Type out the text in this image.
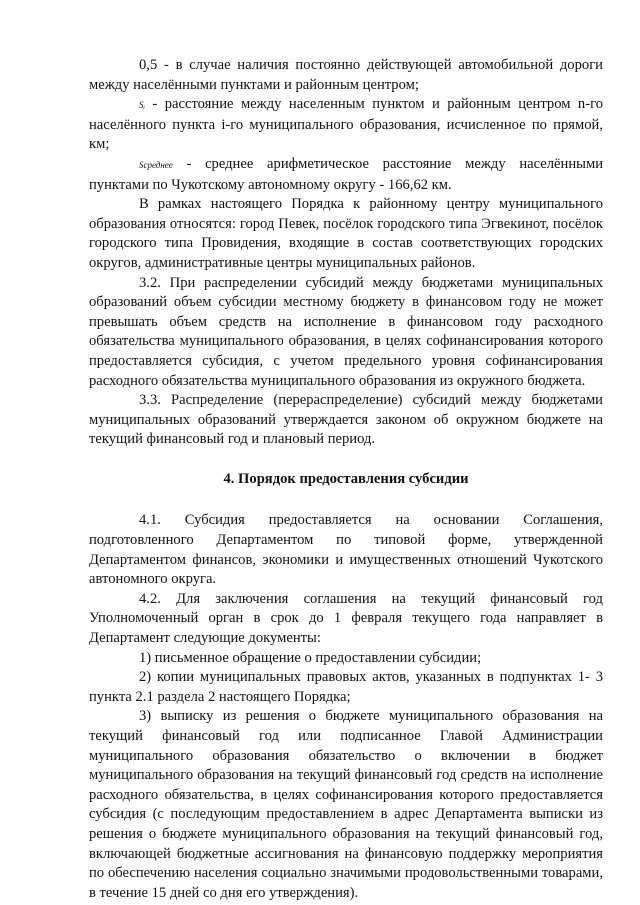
0,5 - в случае наличия постоянно действующей автомобильной дороги между населёнными пунктами и районным центром;

Sᵢ - расстояние между населенным пунктом и районным центром n-го населённого пункта i-го муниципального образования, исчисленное по прямой, км;

Sсреднее - среднее арифметическое расстояние между населёнными пунктами по Чукотскому автономному округу - 166,62 км.

В рамках настоящего Порядка к районному центру муниципального образования относятся: город Певек, посёлок городского типа Эгвекинот, посёлок городского типа Провидения, входящие в состав соответствующих городских округов, административные центры муниципальных районов.

3.2. При распределении субсидий между бюджетами муниципальных образований объем субсидии местному бюджету в финансовом году не может превышать объем средств на исполнение в финансовом году расходного обязательства муниципального образования, в целях софинансирования которого предоставляется субсидия, с учетом предельного уровня софинансирования расходного обязательства муниципального образования из окружного бюджета.

3.3. Распределение (перераспределение) субсидий между бюджетами муниципальных образований утверждается законом об окружном бюджете на текущий финансовый год и плановый период.

4. Порядок предоставления субсидии

4.1. Субсидия предоставляется на основании Соглашения, подготовленного Департаментом по типовой форме, утвержденной Департаментом финансов, экономики и имущественных отношений Чукотского автономного округа.

4.2. Для заключения соглашения на текущий финансовый год Уполномоченный орган в срок до 1 февраля текущего года направляет в Департамент следующие документы:

1) письменное обращение о предоставлении субсидии;

2) копии муниципальных правовых актов, указанных в подпунктах 1- 3 пункта 2.1 раздела 2 настоящего Порядка;

3) выписку из решения о бюджете муниципального образования на текущий финансовый год или подписанное Главой Администрации муниципального образования обязательство о включении в бюджет муниципального образования на текущий финансовый год средств на исполнение расходного обязательства, в целях софинансирования которого предоставляется субсидия (с последующим предоставлением в адрес Департамента выписки из решения о бюджете муниципального образования на текущий финансовый год, включающей бюджетные ассигнования на финансовую поддержку мероприятия по обеспечению населения социально значимыми продовольственными товарами, в течение 15 дней со дня его утверждения).
